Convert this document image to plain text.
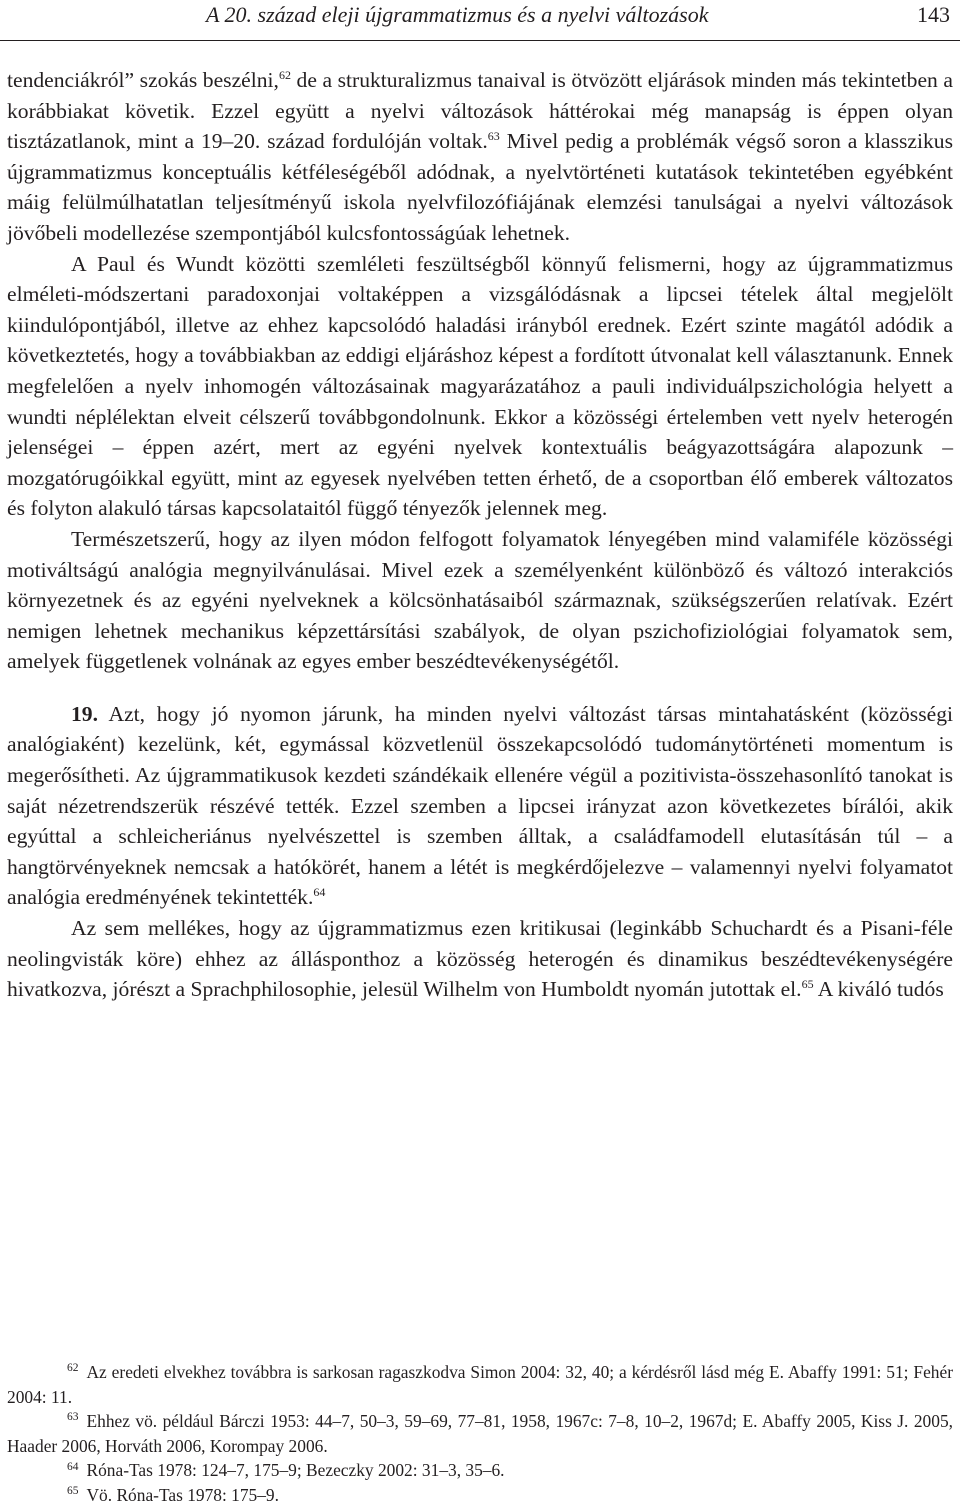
A 20. század eleji újgrammatizmus és a nyelvi változások	143

tendenciákról” szokás beszélni,$^{62}$ de a strukturalizmus tanaival is ötvözött eljárások minden más tekintetben a korábbiakat követik. Ezzel együtt a nyelvi változások háttérokai még manapság is éppen olyan tisztázatlanok, mint a 19–20. század fordulóján voltak.$^{63}$ Mivel pedig a problémák végső soron a klasszikus újgrammatizmus konceptuális kétféleségéből adódnak, a nyelvtörténeti kutatások tekintetében egyébként máig felülmúlhatatlan teljesítményű iskola nyelvfilozófiájának elemzési tanulságai a nyelvi változások jövőbeli modellezése szempontjából kulcsfontosságúak lehetnek.

A Paul és Wundt közötti szemléleti feszültségből könnyű felismerni, hogy az újgrammatizmus elméleti-módszertani paradoxonjai voltaképpen a vizsgálódásnak a lipcsei tételek által megjelölt kiindulópontjából, illetve az ehhez kapcsolódó haladási irányból erednek. Ezért szinte magától adódik a következtetés, hogy a továbbiakban az eddigi eljáráshoz képest a fordított útvonalat kell választanunk. Ennek megfelelően a nyelv inhomogén változásainak magyarázatához a pauli individuálpszichológia helyett a wundti néplélektan elveit célszerű továbbgondolnunk. Ekkor a közösségi értelemben vett nyelv heterogén jelenségei – éppen azért, mert az egyéni nyelvek kontextuális beágyazottságára alapozunk – mozgatórugóikkal együtt, mint az egyesek nyelvében tetten érhető, de a csoportban élő emberek változatos és folyton alakuló társas kapcsolataitól függő tényezők jelennek meg.

Természetszerű, hogy az ilyen módon felfogott folyamatok lényegében mind valamiféle közösségi motiváltságú analógia megnyilvánulásai. Mivel ezek a személyenként különböző és változó interakciós környezetnek és az egyéni nyelveknek a kölcsönhatásaiból származnak, szükségszerűen relatívak. Ezért nemigen lehetnek mechanikus képzettársítási szabályok, de olyan pszichofiziológiai folyamatok sem, amelyek függetlenek volnának az egyes ember beszédtevékenységétől.

19. Azt, hogy jó nyomon járunk, ha minden nyelvi változást társas mintahatásként (közösségi analógiaként) kezelünk, két, egymással közvetlenül összekapcsolódó tudománytörténeti momentum is megerősítheti. Az újgrammatikusok kezdeti szándékaik ellenére végül a pozitivista-összehasonlító tanokat is saját nézetrendszerük részévé tették. Ezzel szemben a lipcsei irányzat azon következetes bírálói, akik egyúttal a schleicheriánus nyelvészettel is szemben álltak, a családfamodell elutasításán túl – a hangtörvényeknek nemcsak a hatókörét, hanem a létét is megkérdőjelezve – valamennyi nyelvi folyamatot analógia eredményének tekintették.$^{64}$

Az sem mellékes, hogy az újgrammatizmus ezen kritikusai (leginkább Schuchardt és a Pisani-féle neolingvisták köre) ehhez az állásponthoz a közösség heterogén és dinamikus beszédtevékenységére hivatkozva, jórészt a Sprachphilosophie, jelesül Wilhelm von Humboldt nyomán jutottak el.$^{65}$ A kiváló tudós

$^{62}$ Az eredeti elvekhez továbbra is sarkosan ragaszkodva Simon 2004: 32, 40; a kérdésről lásd még E. Abaffy 1991: 51; Fehér 2004: 11.

$^{63}$ Ehhez vö. például Bárczi 1953: 44–7, 50–3, 59–69, 77–81, 1958, 1967c: 7–8, 10–2, 1967d; E. Abaffy 2005, Kiss J. 2005, Haader 2006, Horváth 2006, Korompay 2006.

$^{64}$ Róna-Tas 1978: 124–7, 175–9; Bezeczky 2002: 31–3, 35–6.

$^{65}$ Vö. Róna-Tas 1978: 175–9.
